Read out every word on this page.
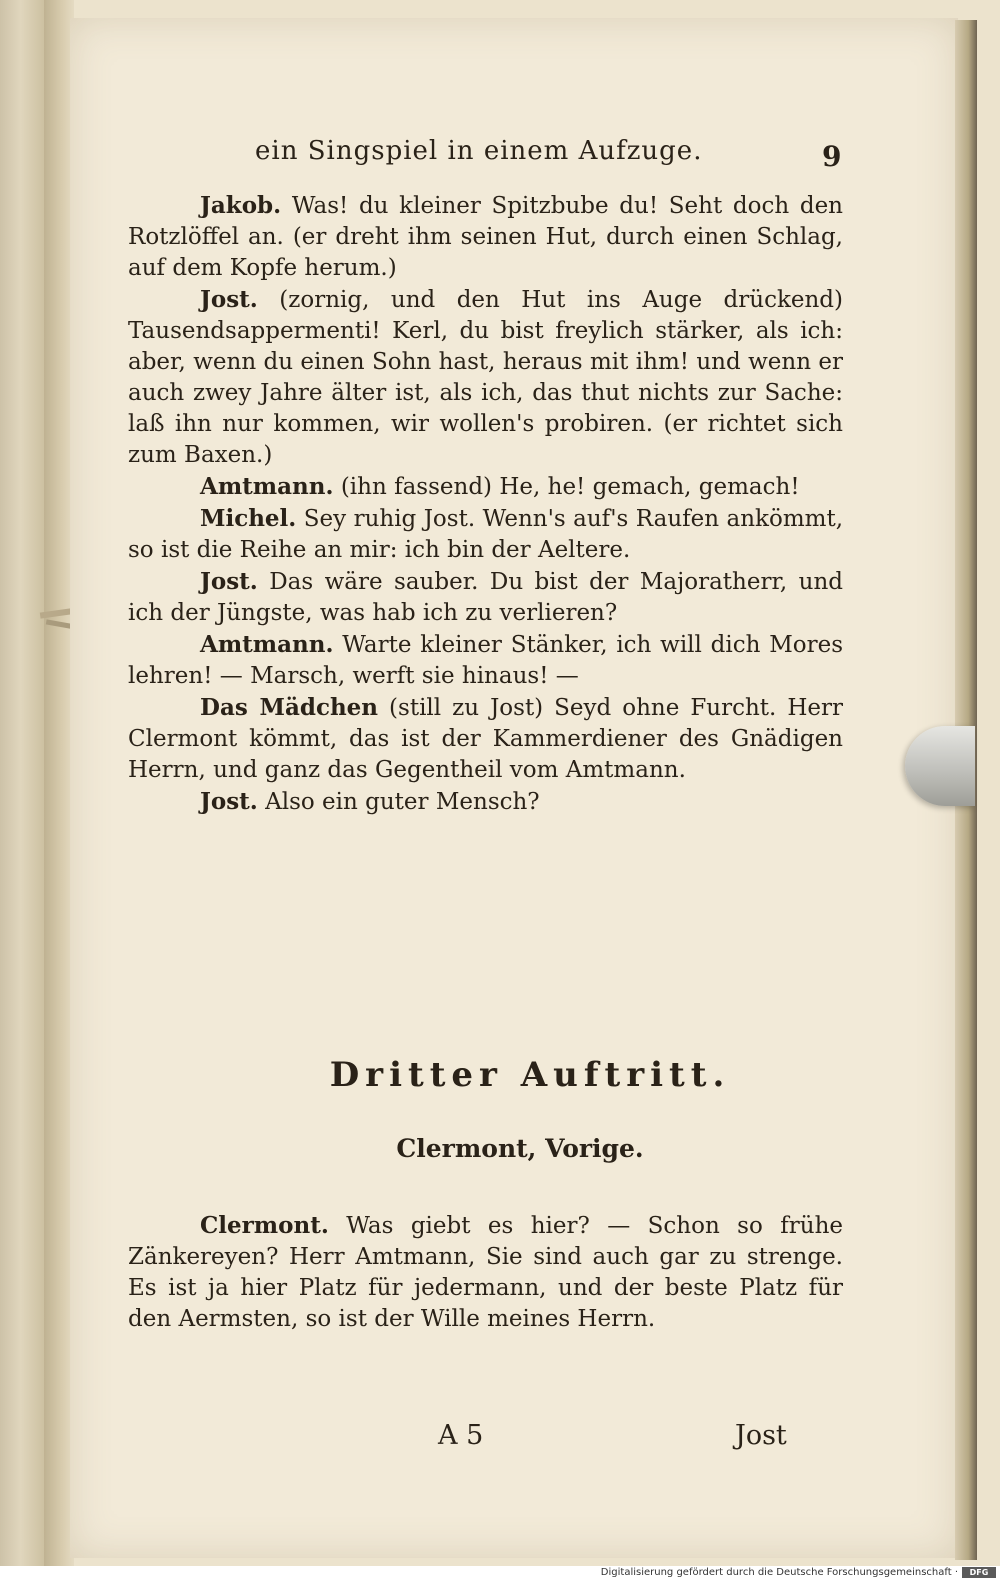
ein Singspiel in einem Aufzuge.	9

Jakob. Was! du kleiner Spitzbube du! Seht doch den Rotzlöffel an. (er dreht ihm seinen Hut, durch einen Schlag, auf dem Kopfe herum.)

Jost. (zornig, und den Hut ins Auge drückend) Tausendsappermenti! Kerl, du bist freylich stärker, als ich: aber, wenn du einen Sohn hast, heraus mit ihm! und wenn er auch zwey Jahre älter ist, als ich, das thut nichts zur Sache: laß ihn nur kommen, wir wollen's probiren. (er richtet sich zum Baxen.)

Amtmann. (ihn fassend) He, he! gemach, gemach!

Michel. Sey ruhig Jost. Wenn's auf's Raufen ankömmt, so ist die Reihe an mir: ich bin der Aeltere.

Jost. Das wäre sauber. Du bist der Majoratherr, und ich der Jüngste, was hab ich zu verlieren?

Amtmann. Warte kleiner Stänker, ich will dich Mores lehren! — Marsch, werft sie hinaus! —

Das Mädchen (still zu Jost) Seyd ohne Furcht. Herr Clermont kömmt, das ist der Kammerdiener des Gnädigen Herrn, und ganz das Gegentheil vom Amtmann.

Jost. Also ein guter Mensch?

Dritter Auftritt.
Clermont, Vorige.

Clermont. Was giebt es hier? — Schon so frühe Zänkereyen? Herr Amtmann, Sie sind auch gar zu strenge. Es ist ja hier Platz für jedermann, und der beste Platz für den Aermsten, so ist der Wille meines Herrn.

A 5	Jost
Digitalisierung gefördert durch die Deutsche Forschungsgemeinschaft ·	DFG
